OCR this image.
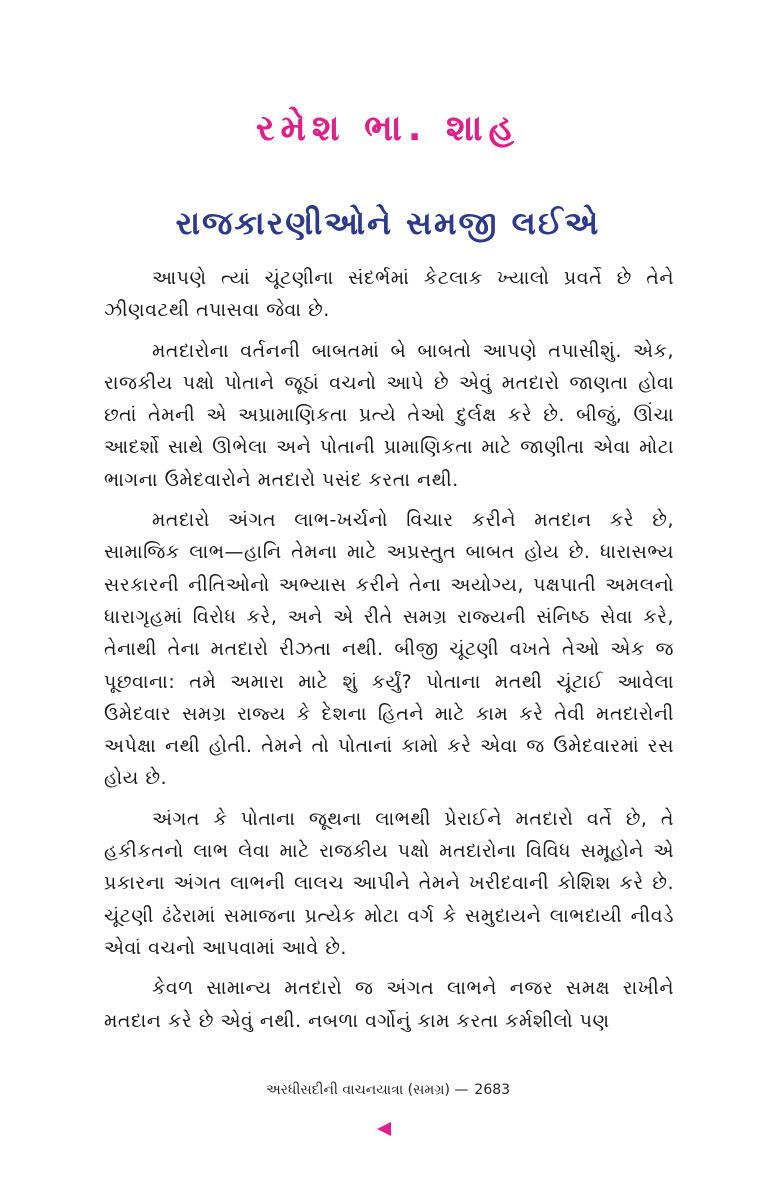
રમેશ ભા. શાહ
રાજકારણીઓને સમજી લઈએ

આપણે ત્યાં ચૂંટણીના સંદર્ભમાં કેટલાક ખ્યાલો પ્રવર્તે છે તેને ઝીણવટથી તપાસવા જેવા છે.

મતદારોના વર્તનની બાબતમાં બે બાબતો આપણે તપાસીશું. એક, રાજકીય પક્ષો પોતાને જૂઠાં વચનો આપે છે એવું મતદારો જાણતા હોવા છતાં તેમની એ અપ્રામાણિકતા પ્રત્યે તેઓ દુર્લક્ષ કરે છે. બીજું, ઊંચા આદર્શો સાથે ઊભેલા અને પોતાની પ્રામાણિકતા માટે જાણીતા એવા મોટા ભાગના ઉમેદવારોને મતદારો પસંદ કરતા નથી.

મતદારો અંગત લાભ-ખર્ચનો વિચાર કરીને મતદાન કરે છે, સામાજિક લાભ—હાનિ તેમના માટે અપ્રસ્તુત બાબત હોય છે. ધારાસભ્ય સરકારની નીતિઓનો અભ્યાસ કરીને તેના અયોગ્ય, પક્ષપાતી અમલનો ધારાગૃહમાં વિરોધ કરે, અને એ રીતે સમગ્ર રાજ્યની સંનિષ્ઠ સેવા કરે, તેનાથી તેના મતદારો રીઝતા નથી. બીજી ચૂંટણી વખતે તેઓ એક જ પૂછવાના: તમે અમારા માટે શું કર્યું? પોતાના મતથી ચૂંટાઈ આવેલા ઉમેદવાર સમગ્ર રાજ્ય કે દેશના હિતને માટે કામ કરે તેવી મતદારોની અપેક્ષા નથી હોતી. તેમને તો પોતાનાં કામો કરે એવા જ ઉમેદવારમાં રસ હોય છે.

અંગત કે પોતાના જૂથના લાભથી પ્રેરાઈને મતદારો વર્તે છે, તે હકીકતનો લાભ લેવા માટે રાજકીય પક્ષો મતદારોના વિવિધ સમૂહોને એ પ્રકારના અંગત લાભની લાલચ આપીને તેમને ખરીદવાની કોશિશ કરે છે. ચૂંટણી ઢંઢેરામાં સમાજના પ્રત્યેક મોટા વર્ગ કે સમુદાયને લાભદાયી નીવડે એવાં વચનો આપવામાં આવે છે.

કેવળ સામાન્ય મતદારો જ અંગત લાભને નજર સમક્ષ રાખીને મતદાન કરે છે એવું નથી. નબળા વર્ગોનું કામ કરતા કર્મશીલો પણ

અરધીસદીની વાચનયાત્રા (સમગ્ર) — 2683
